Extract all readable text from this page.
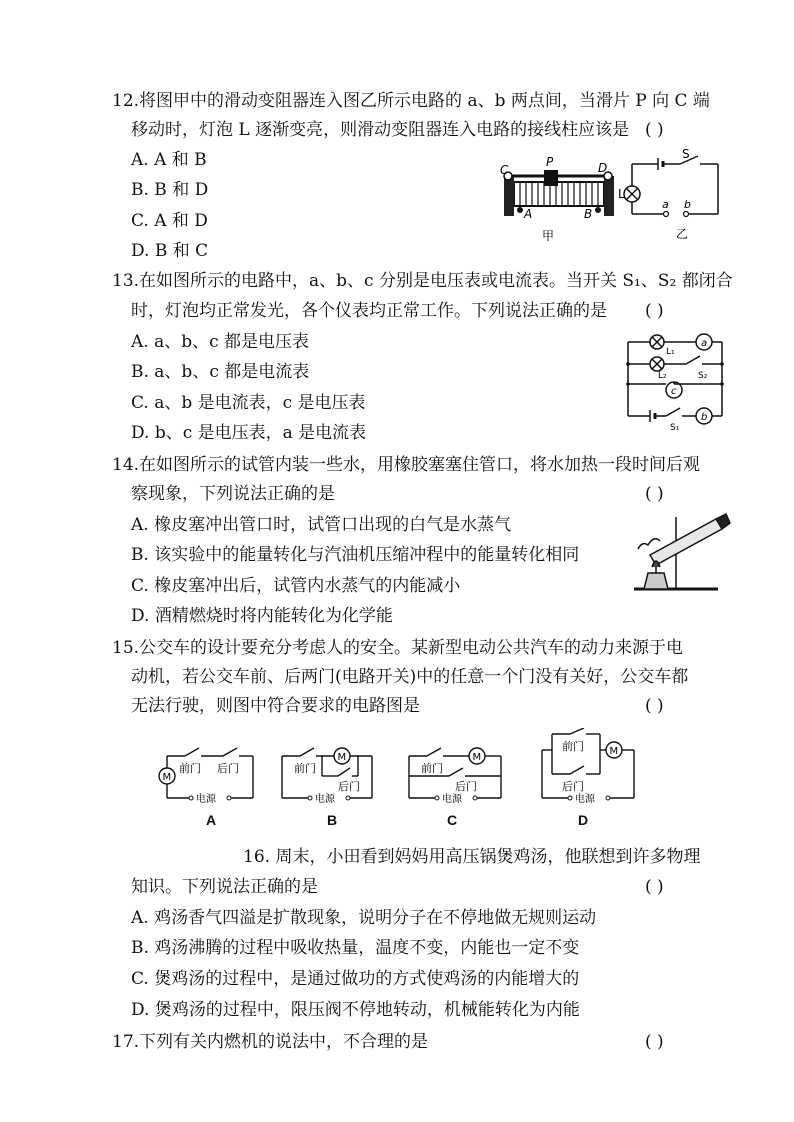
12.将图甲中的滑动变阻器连入图乙所示电路的 a、b 两点间，当滑片 P 向 C 端
移动时，灯泡 L 逐渐变亮，则滑动变阻器连入电路的接线柱应该是 ( )
A. A 和 B
B. B 和 D
C. A 和 D
D. B 和 C
C
P	D
A	B
甲
S
L
a b
乙
13.在如图所示的电路中，a、b、c 分别是电压表或电流表。当开关 S₁、S₂ 都闭合
时，灯泡均正常发光，各个仪表均正常工作。下列说法正确的是 ( )
A. a、b、c 都是电压表
B. a、b、c 都是电流表
C. a、b 是电流表，c 是电压表
D. b、c 是电压表，a 是电流表
a
b
c
L₁
L₂
S₁
S₂
14.在如图所示的试管内装一些水，用橡胶塞塞住管口，将水加热一段时间后观
察现象，下列说法正确的是	( )
A. 橡皮塞冲出管口时，试管口出现的白气是水蒸气
B. 该实验中的能量转化与汽油机压缩冲程中的能量转化相同
C. 橡皮塞冲出后，试管内水蒸气的内能减小
D. 酒精燃烧时将内能转化为化学能
15.公交车的设计要充分考虑人的安全。某新型电动公共汽车的动力来源于电
动机，若公交车前、后两门(电路开关)中的任意一个门没有关好，公交车都
无法行驶，则图中符合要求的电路图是	( )
M
前门 后门
电源
A
M
前门
后门
电源
B
M
前门
后门
电源
C
M
前门
后门
电源
D
16. 周末，小田看到妈妈用高压锅煲鸡汤，他联想到许多物理
知识。下列说法正确的是	( )
A. 鸡汤香气四溢是扩散现象，说明分子在不停地做无规则运动
B. 鸡汤沸腾的过程中吸收热量，温度不变，内能也一定不变
C. 煲鸡汤的过程中，是通过做功的方式使鸡汤的内能增大的
D. 煲鸡汤的过程中，限压阀不停地转动，机械能转化为内能
17.下列有关内燃机的说法中，不合理的是	( )
